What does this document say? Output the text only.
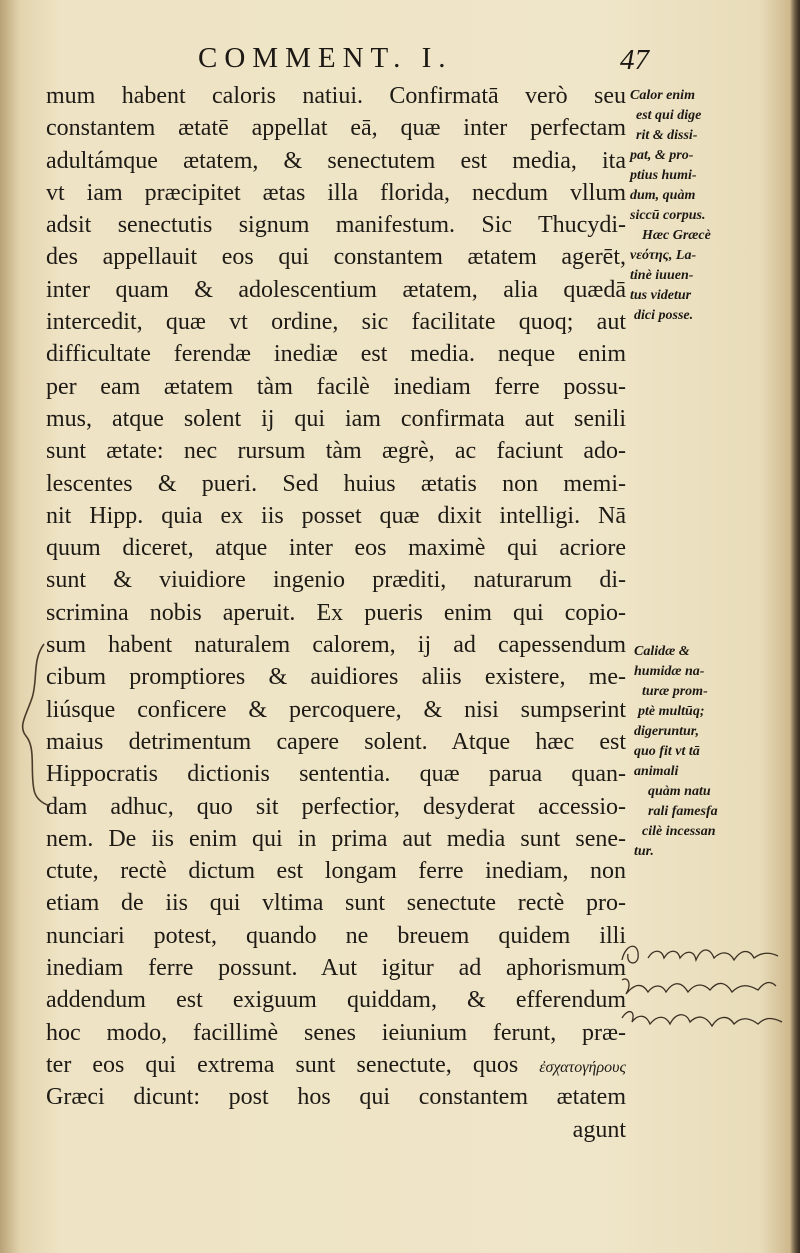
COMMENT. I.	47
mum habent caloris natiui. Confirmatā verò seu
constantem ætatē appellat eā, quæ inter perfectam
adultámque ætatem, & senectutem est media, ita
vt iam præcipitet ætas illa florida, necdum vllum
adsit senectutis signum manifestum. Sic Thucydi-
des appellauit eos qui constantem ætatem agerēt,
inter quam & adolescentium ætatem, alia quædā
intercedit, quæ vt ordine, sic facilitate quoq; aut
difficultate ferendæ inediæ est media. neque enim
per eam ætatem tàm facilè inediam ferre possu-
mus, atque solent ij qui iam confirmata aut senili
sunt ætate: nec rursum tàm ægrè, ac faciunt ado-
lescentes & pueri. Sed huius ætatis non memi-
nit Hipp. quia ex iis posset quæ dixit intelligi. Nā
quum diceret, atque inter eos maximè qui acriore
sunt & viuidiore ingenio præditi, naturarum di-
scrimina nobis aperuit. Ex pueris enim qui copio-
sum habent naturalem calorem, ij ad capessendum
cibum promptiores & auidiores aliis existere, me-
liúsque conficere & percoquere, & nisi sumpserint
maius detrimentum capere solent. Atque hæc est
Hippocratis dictionis sententia. quæ parua quan-
dam adhuc, quo sit perfectior, desyderat accessio-
nem. De iis enim qui in prima aut media sunt sene-
ctute, rectè dictum est longam ferre inediam, non
etiam de iis qui vltima sunt senectute rectè pro-
nunciari potest, quando ne breuem quidem illi
inediam ferre possunt. Aut igitur ad aphorismum
addendum est exiguum quiddam, & efferendum
hoc modo, facillimè senes ieiunium ferunt, præ-
ter eos qui extrema sunt senectute, quos ἐσχατογήρους
Græci dicunt: post hos qui constantem ætatem
agunt
Calor enim
est qui dige
rit & dissi-
pat, & pro-
ptius humi-
dum, quàm
siccū corpus.
Hæc Græcè
νεότης, La-
tinè iuuen-
tus videtur
dici posse.
Calidæ &
humidæ na-
turæ prom-
ptè multūq;
digeruntur,
quo fit vt tā
animali
quàm natu
rali famesfa
cilè incessan
tur.
